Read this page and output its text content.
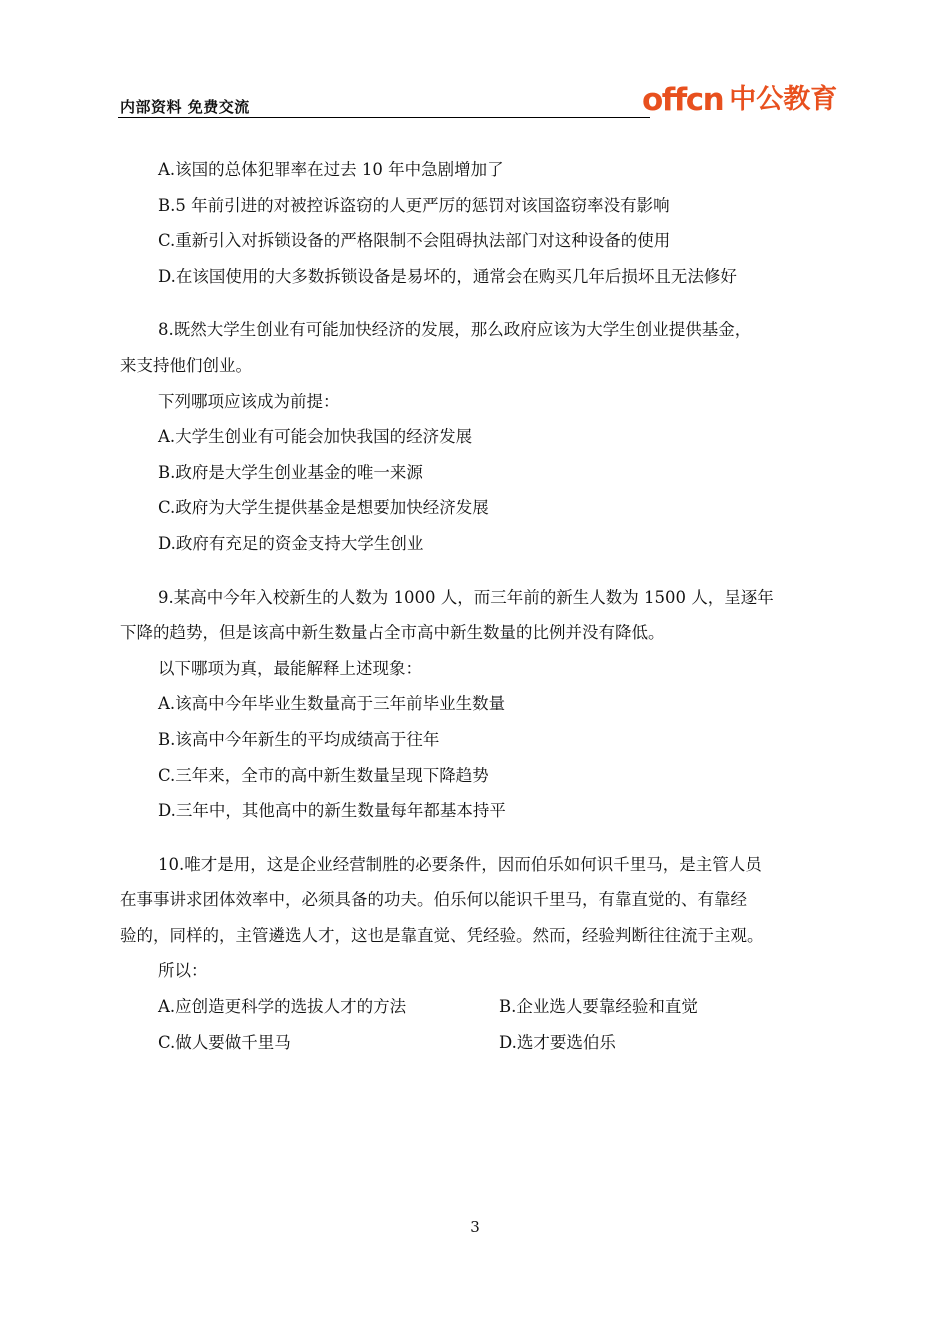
内部资料 免费交流	offcn 中公教育
A.该国的总体犯罪率在过去 10 年中急剧增加了
B.5 年前引进的对被控诉盗窃的人更严厉的惩罚对该国盗窃率没有影响
C.重新引入对拆锁设备的严格限制不会阻碍执法部门对这种设备的使用
D.在该国使用的大多数拆锁设备是易坏的，通常会在购买几年后损坏且无法修好
8.既然大学生创业有可能加快经济的发展，那么政府应该为大学生创业提供基金，
来支持他们创业。
下列哪项应该成为前提：
A.大学生创业有可能会加快我国的经济发展
B.政府是大学生创业基金的唯一来源
C.政府为大学生提供基金是想要加快经济发展
D.政府有充足的资金支持大学生创业
9.某高中今年入校新生的人数为 1000 人，而三年前的新生人数为 1500 人，呈逐年
下降的趋势，但是该高中新生数量占全市高中新生数量的比例并没有降低。
以下哪项为真，最能解释上述现象：
A.该高中今年毕业生数量高于三年前毕业生数量
B.该高中今年新生的平均成绩高于往年
C.三年来，全市的高中新生数量呈现下降趋势
D.三年中，其他高中的新生数量每年都基本持平
10.唯才是用，这是企业经营制胜的必要条件，因而伯乐如何识千里马，是主管人员
在事事讲求团体效率中，必须具备的功夫。伯乐何以能识千里马，有靠直觉的、有靠经
验的，同样的，主管遴选人才，这也是靠直觉、凭经验。然而，经验判断往往流于主观。
所以：
A.应创造更科学的选拔人才的方法	B.企业选人要靠经验和直觉
C.做人要做千里马	D.选才要选伯乐
3
